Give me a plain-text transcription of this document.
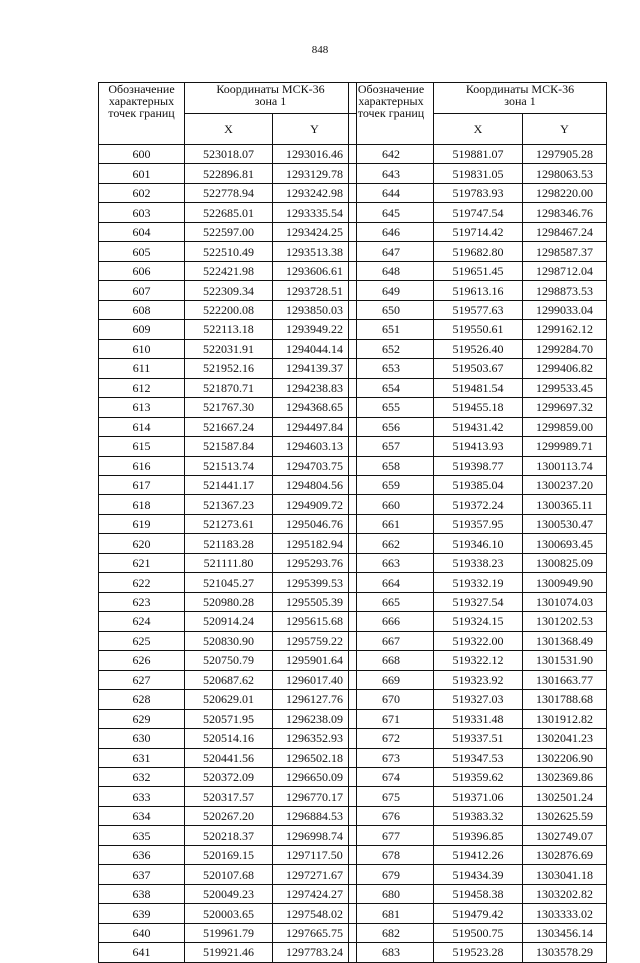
848
Обозначение характерных точек границ	Координаты МСК-36
зона 1	
	X	Y
600	523018.07	1293016.46
601	522896.81	1293129.78
602	522778.94	1293242.98
603	522685.01	1293335.54
604	522597.00	1293424.25
605	522510.49	1293513.38
606	522421.98	1293606.61
607	522309.34	1293728.51
608	522200.08	1293850.03
609	522113.18	1293949.22
610	522031.91	1294044.14
611	521952.16	1294139.37
612	521870.71	1294238.83
613	521767.30	1294368.65
614	521667.24	1294497.84
615	521587.84	1294603.13
616	521513.74	1294703.75
617	521441.17	1294804.56
618	521367.23	1294909.72
619	521273.61	1295046.76
620	521183.28	1295182.94
621	521111.80	1295293.76
622	521045.27	1295399.53
623	520980.28	1295505.39
624	520914.24	1295615.68
625	520830.90	1295759.22
626	520750.79	1295901.64
627	520687.62	1296017.40
628	520629.01	1296127.76
629	520571.95	1296238.09
630	520514.16	1296352.93
631	520441.56	1296502.18
632	520372.09	1296650.09
633	520317.57	1296770.17
634	520267.20	1296884.53
635	520218.37	1296998.74
636	520169.15	1297117.50
637	520107.68	1297271.67
638	520049.23	1297424.27
639	520003.65	1297548.02
640	519961.79	1297665.75
641	519921.46	1297783.24
Обозначение характерных точек границ	Координаты МСК-36
зона 1	
	X	Y
642	519881.07	1297905.28
643	519831.05	1298063.53
644	519783.93	1298220.00
645	519747.54	1298346.76
646	519714.42	1298467.24
647	519682.80	1298587.37
648	519651.45	1298712.04
649	519613.16	1298873.53
650	519577.63	1299033.04
651	519550.61	1299162.12
652	519526.40	1299284.70
653	519503.67	1299406.82
654	519481.54	1299533.45
655	519455.18	1299697.32
656	519431.42	1299859.00
657	519413.93	1299989.71
658	519398.77	1300113.74
659	519385.04	1300237.20
660	519372.24	1300365.11
661	519357.95	1300530.47
662	519346.10	1300693.45
663	519338.23	1300825.09
664	519332.19	1300949.90
665	519327.54	1301074.03
666	519324.15	1301202.53
667	519322.00	1301368.49
668	519322.12	1301531.90
669	519323.92	1301663.77
670	519327.03	1301788.68
671	519331.48	1301912.82
672	519337.51	1302041.23
673	519347.53	1302206.90
674	519359.62	1302369.86
675	519371.06	1302501.24
676	519383.32	1302625.59
677	519396.85	1302749.07
678	519412.26	1302876.69
679	519434.39	1303041.18
680	519458.38	1303202.82
681	519479.42	1303333.02
682	519500.75	1303456.14
683	519523.28	1303578.29
